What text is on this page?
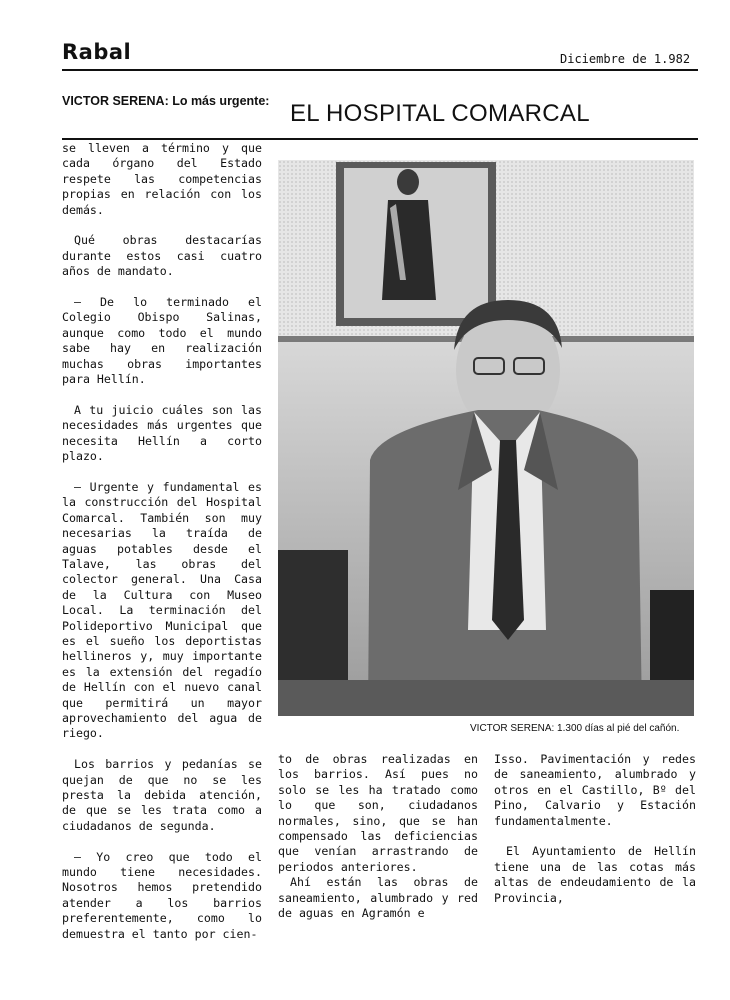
Rabal	Diciembre de 1.982
VICTOR SERENA: Lo más urgente: EL HOSPITAL COMARCAL

se lleven a término y que cada órgano del Estado respete las competencias propias en relación con los demás.

Qué obras destacarías durante estos casi cuatro años de mandato.

– De lo terminado el Colegio Obispo Salinas, aunque como todo el mundo sabe hay en realización muchas obras importantes para Hellín.

A tu juicio cuáles son las necesidades más urgentes que necesita Hellín a corto plazo.

– Urgente y fundamental es la construcción del Hospital Comarcal. También son muy necesarias la traída de aguas potables desde el Talave, las obras del colector general. Una Casa de la Cultura con Museo Local. La terminación del Polideportivo Municipal que es el sueño los deportistas hellineros y, muy importante es la extensión del regadío de Hellín con el nuevo canal que permitirá un mayor aprovechamiento del agua de riego.

Los barrios y pedanías se quejan de que no se les presta la debida atención, de que se les trata como a ciudadanos de segunda.

– Yo creo que todo el mundo tiene necesidades. Nosotros hemos pretendido atender a los barrios preferentemente, como lo demuestra el tanto por cien-

VICTOR SERENA: 1.300 días al pié del cañón.

to de obras realizadas en los barrios. Así pues no solo se les ha tratado como lo que son, ciudadanos normales, sino, que se han compensado las deficiencias que venían arrastrando de periodos anteriores.

Ahí están las obras de saneamiento, alumbrado y red de aguas en Agramón e

Isso. Pavimentación y redes de saneamiento, alumbrado y otros en el Castillo, Bº del Pino, Calvario y Estación fundamentalmente.

El Ayuntamiento de Hellín tiene una de las cotas más altas de endeudamiento de la Provincia,
